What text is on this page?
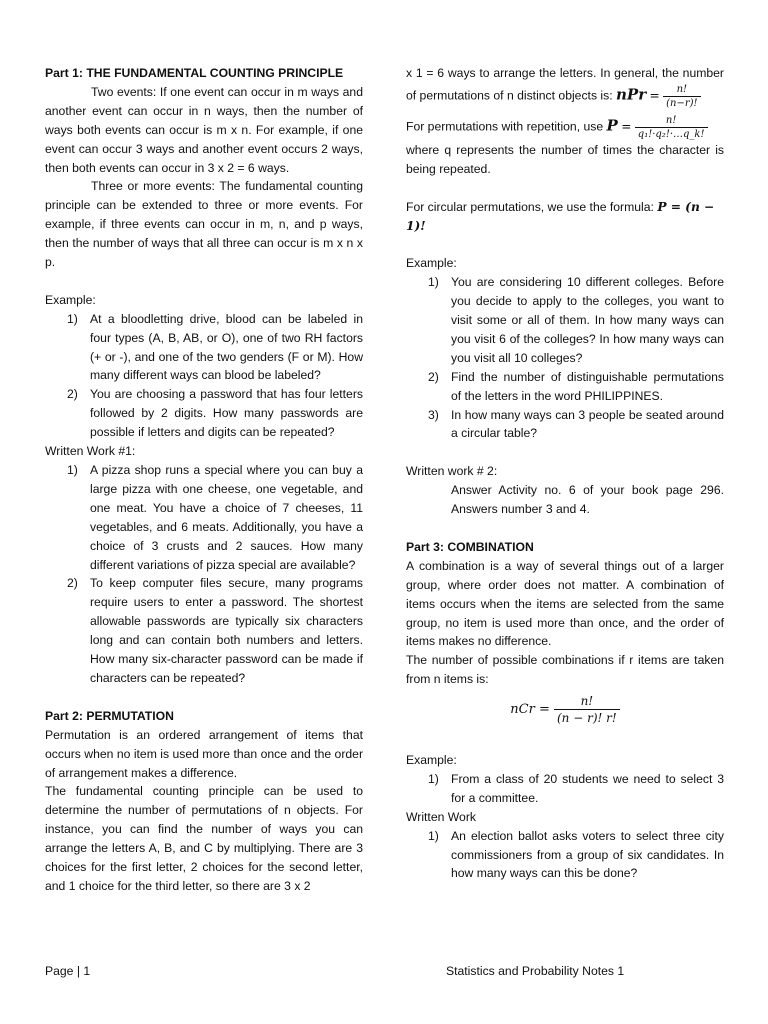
Part 1: THE FUNDAMENTAL COUNTING PRINCIPLE

Two events: If one event can occur in m ways and another event can occur in n ways, then the number of ways both events can occur is m x n. For example, if one event can occur 3 ways and another event occurs 2 ways, then both events can occur in 3 x 2 = 6 ways.

Three or more events: The fundamental counting principle can be extended to three or more events. For example, if three events can occur in m, n, and p ways, then the number of ways that all three can occur is m x n x p.

Example:

1) At a bloodletting drive, blood can be labeled in four types (A, B, AB, or O), one of two RH factors (+ or -), and one of the two genders (F or M). How many different ways can blood be labeled?
2) You are choosing a password that has four letters followed by 2 digits. How many passwords are possible if letters and digits can be repeated?

Written Work #1:

1) A pizza shop runs a special where you can buy a large pizza with one cheese, one vegetable, and one meat. You have a choice of 7 cheeses, 11 vegetables, and 6 meats. Additionally, you have a choice of 3 crusts and 2 sauces. How many different variations of pizza special are available?
2) To keep computer files secure, many programs require users to enter a password. The shortest allowable passwords are typically six characters long and can contain both numbers and letters. How many six-character password can be made if characters can be repeated?

Part 2: PERMUTATION

Permutation is an ordered arrangement of items that occurs when no item is used more than once and the order of arrangement makes a difference.

The fundamental counting principle can be used to determine the number of permutations of n objects. For instance, you can find the number of ways you can arrange the letters A, B, and C by multiplying. There are 3 choices for the first letter, 2 choices for the second letter, and 1 choice for the third letter, so there are 3 x 2

x 1 = 6 ways to arrange the letters. In general, the number of permutations of n distinct objects is: nPr = $\frac{n!}{(n-r)!}$

For permutations with repetition, use $P = \frac{n!}{\text{q₁!·q₂!·…q\_k!}}$

where q represents the number of times the character is being repeated.

For circular permutations, we use the formula: P = (n − 1)!

Example:

1) You are considering 10 different colleges. Before you decide to apply to the colleges, you want to visit some or all of them. In how many ways can you visit 6 of the colleges? In how many ways can you visit all 10 colleges?
2) Find the number of distinguishable permutations of the letters in the word PHILIPPINES.
3) In how many ways can 3 people be seated around a circular table?

Written work # 2:

Answer Activity no. 6 of your book page 296. Answers number 3 and 4.

Part 3: COMBINATION

A combination is a way of several things out of a larger group, where order does not matter. A combination of items occurs when the items are selected from the same group, no item is used more than once, and the order of items makes no difference.

The number of possible combinations if r items are taken from n items is:

nCr = $\frac{n!}{(n - r)! r!}$

Example:

1) From a class of 20 students we need to select 3 for a committee.

Written Work

1) An election ballot asks voters to select three city commissioners from a group of six candidates. In how many ways can this be done?
Page | 1	Statistics and Probability Notes 1
